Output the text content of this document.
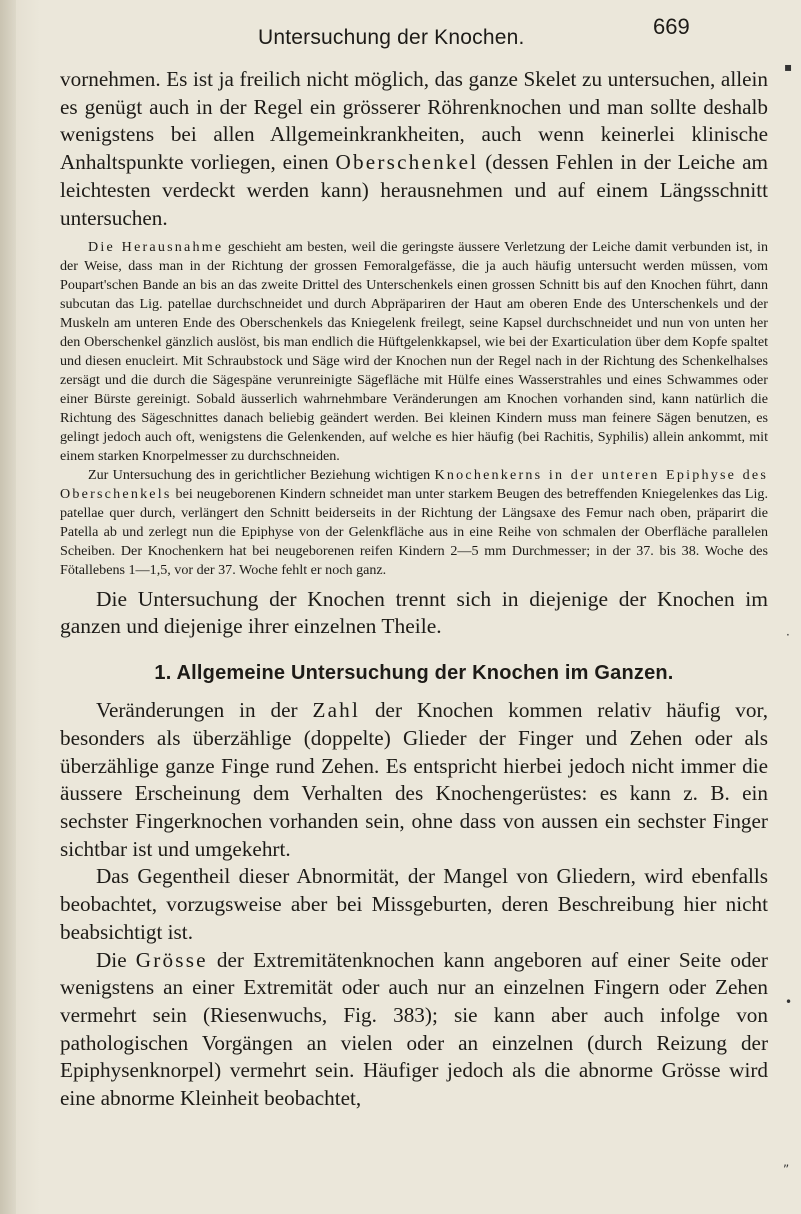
Untersuchung der Knochen.	669
▪
·
•
„

vornehmen. Es ist ja freilich nicht möglich, das ganze Skelet zu untersuchen, allein es genügt auch in der Regel ein grösserer Röhrenknochen und man sollte deshalb wenigstens bei allen Allgemeinkrankheiten, auch wenn keinerlei klinische Anhaltspunkte vorliegen, einen Oberschenkel (dessen Fehlen in der Leiche am leichtesten verdeckt werden kann) herausnehmen und auf einem Längsschnitt untersuchen.

Die Herausnahme geschieht am besten, weil die geringste äussere Verletzung der Leiche damit verbunden ist, in der Weise, dass man in der Richtung der grossen Femoralgefässe, die ja auch häufig untersucht werden müssen, vom Poupart'schen Bande an bis an das zweite Drittel des Unterschenkels einen grossen Schnitt bis auf den Knochen führt, dann subcutan das Lig. patellae durchschneidet und durch Abpräpariren der Haut am oberen Ende des Unterschenkels und der Muskeln am unteren Ende des Oberschenkels das Kniegelenk freilegt, seine Kapsel durchschneidet und nun von unten her den Oberschenkel gänzlich auslöst, bis man endlich die Hüftgelenkkapsel, wie bei der Exarticulation über dem Kopfe spaltet und diesen enucleirt. Mit Schraubstock und Säge wird der Knochen nun der Regel nach in der Richtung des Schenkelhalses zersägt und die durch die Sägespäne verunreinigte Sägefläche mit Hülfe eines Wasserstrahles und eines Schwammes oder einer Bürste gereinigt. Sobald äusserlich wahrnehmbare Veränderungen am Knochen vorhanden sind, kann natürlich die Richtung des Sägeschnittes danach beliebig geändert werden. Bei kleinen Kindern muss man feinere Sägen benutzen, es gelingt jedoch auch oft, wenigstens die Gelenkenden, auf welche es hier häufig (bei Rachitis, Syphilis) allein ankommt, mit einem starken Knorpelmesser zu durchschneiden.

Zur Untersuchung des in gerichtlicher Beziehung wichtigen Knochenkerns in der unteren Epiphyse des Oberschenkels bei neugeborenen Kindern schneidet man unter starkem Beugen des betreffenden Kniegelenkes das Lig. patellae quer durch, verlängert den Schnitt beiderseits in der Richtung der Längsaxe des Femur nach oben, präparirt die Patella ab und zerlegt nun die Epiphyse von der Gelenkfläche aus in eine Reihe von schmalen der Oberfläche parallelen Scheiben. Der Knochenkern hat bei neugeborenen reifen Kindern 2—5 mm Durchmesser; in der 37. bis 38. Woche des Fötallebens 1—1,5, vor der 37. Woche fehlt er noch ganz.

Die Untersuchung der Knochen trennt sich in diejenige der Knochen im ganzen und diejenige ihrer einzelnen Theile.

1. Allgemeine Untersuchung der Knochen im Ganzen.

Veränderungen in der Zahl der Knochen kommen relativ häufig vor, besonders als überzählige (doppelte) Glieder der Finger und Zehen oder als überzählige ganze Finge rund Zehen. Es entspricht hierbei jedoch nicht immer die äussere Erscheinung dem Verhalten des Knochengerüstes: es kann z. B. ein sechster Fingerknochen vorhanden sein, ohne dass von aussen ein sechster Finger sichtbar ist und umgekehrt.

Das Gegentheil dieser Abnormität, der Mangel von Gliedern, wird ebenfalls beobachtet, vorzugsweise aber bei Missgeburten, deren Beschreibung hier nicht beabsichtigt ist.

Die Grösse der Extremitätenknochen kann angeboren auf einer Seite oder wenigstens an einer Extremität oder auch nur an einzelnen Fingern oder Zehen vermehrt sein (Riesenwuchs, Fig. 383); sie kann aber auch infolge von pathologischen Vorgängen an vielen oder an einzelnen (durch Reizung der Epiphysenknorpel) vermehrt sein. Häufiger jedoch als die abnorme Grösse wird eine abnorme Kleinheit beobachtet,
